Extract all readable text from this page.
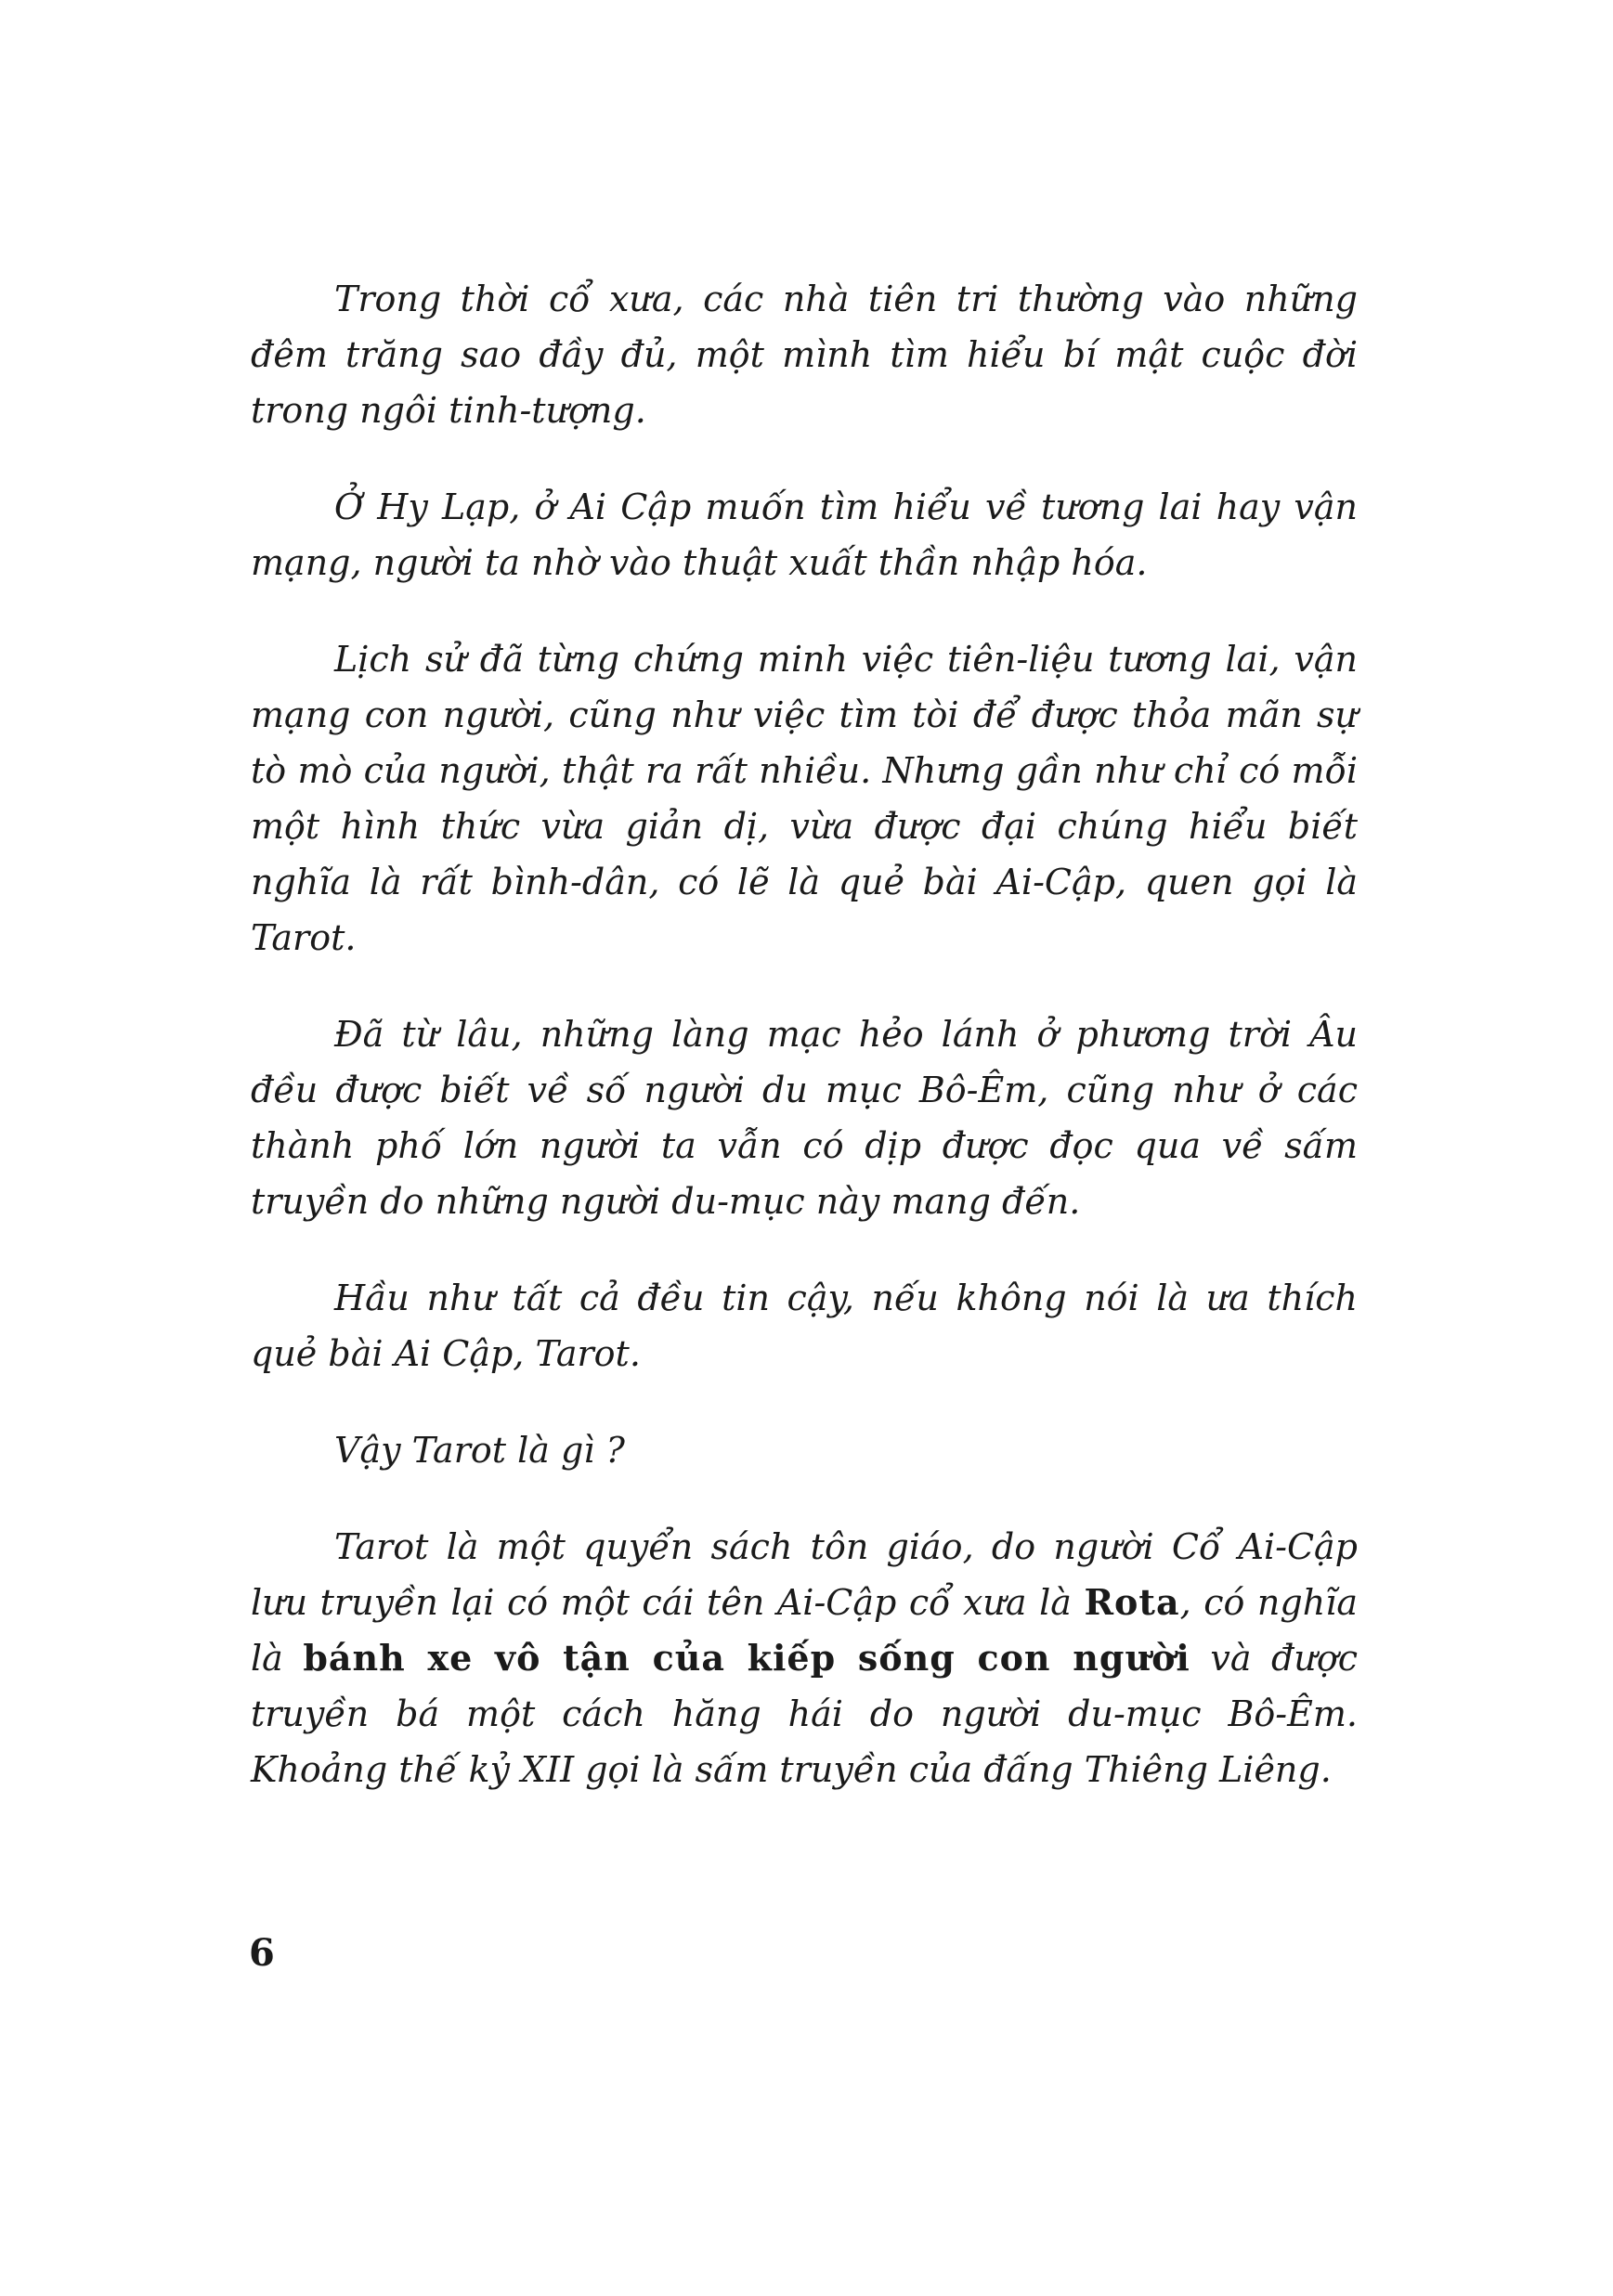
Trong thời cổ xưa, các nhà tiên tri thường vào những đêm trăng sao đầy đủ, một mình tìm hiểu bí mật cuộc đời trong ngôi tinh-tượng.

Ở Hy Lạp, ở Ai Cập muốn tìm hiểu về tương lai hay vận mạng, người ta nhờ vào thuật xuất thần nhập hóa.

Lịch sử đã từng chứng minh việc tiên-liệu tương lai, vận mạng con người, cũng như việc tìm tòi để được thỏa mãn sự tò mò của người, thật ra rất nhiều. Nhưng gần như chỉ có mỗi một hình thức vừa giản dị, vừa được đại chúng hiểu biết nghĩa là rất bình-dân, có lẽ là quẻ bài Ai-Cập, quen gọi là Tarot.

Đã từ lâu, những làng mạc hẻo lánh ở phương trời Âu đều được biết về số người du mục Bô-Êm, cũng như ở các thành phố lớn người ta vẫn có dịp được đọc qua về sấm truyền do những người du-mục này mang đến.

Hầu như tất cả đều tin cậy, nếu không nói là ưa thích quẻ bài Ai Cập, Tarot.

Vậy Tarot là gì ?

Tarot là một quyển sách tôn giáo, do người Cổ Ai-Cập lưu truyền lại có một cái tên Ai-Cập cổ xưa là Rota, có nghĩa là bánh xe vô tận của kiếp sống con người và được truyền bá một cách hăng hái do người du-mục Bô-Êm. Khoảng thế kỷ XII gọi là sấm truyền của đấng Thiêng Liêng.

6
